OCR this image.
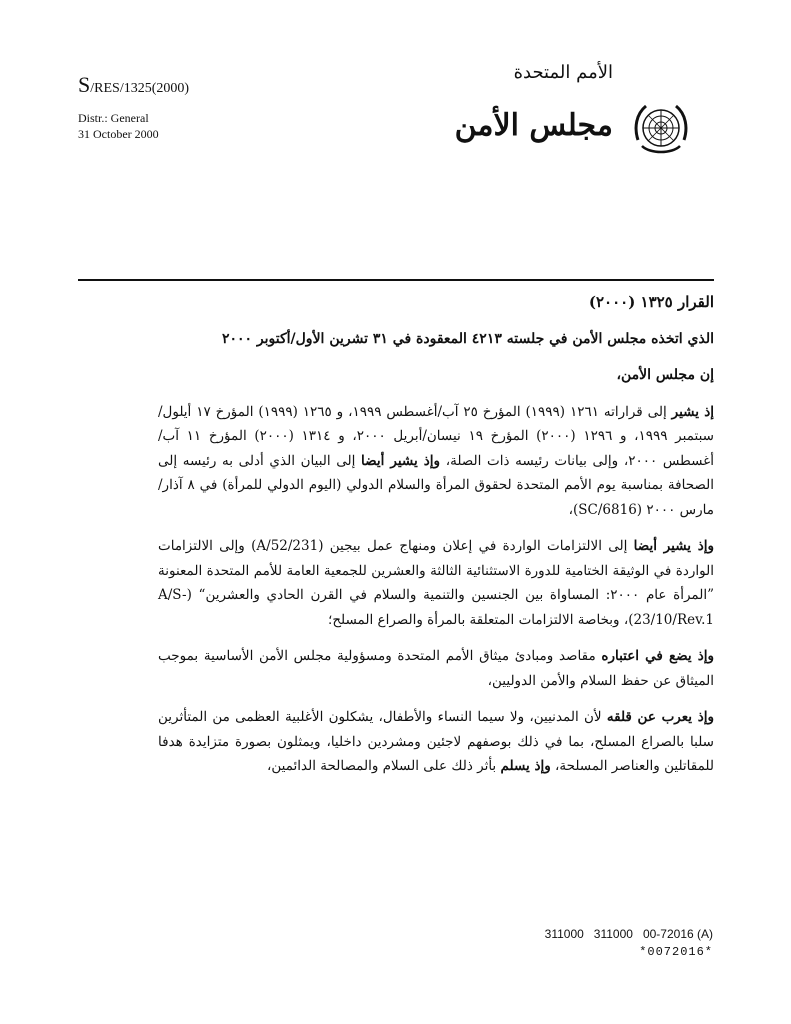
S/RES/1325(2000)
Distr.: General
31 October 2000
الأمم المتحدة
مجلس الأمن

القرار ١٣٢٥ (٢٠٠٠)

الذي اتخذه مجلس الأمن في جلسته ٤٢١٣ المعقودة في ٣١ تشرين الأول/أكتوبر ٢٠٠٠

إن مجلس الأمن،

إذ يشير إلى قراراته ١٢٦١ (١٩٩٩) المؤرخ ٢٥ آب/أغسطس ١٩٩٩، و ١٢٦٥ (١٩٩٩) المؤرخ ١٧ أيلول/سبتمبر ١٩٩٩، و ١٢٩٦ (٢٠٠٠) المؤرخ ١٩ نيسان/أبريل ٢٠٠٠، و ١٣١٤ (٢٠٠٠) المؤرخ ١١ آب/أغسطس ٢٠٠٠، وإلى بيانات رئيسه ذات الصلة، وإذ يشير أيضا إلى البيان الذي أدلى به رئيسه إلى الصحافة بمناسبة يوم الأمم المتحدة لحقوق المرأة والسلام الدولي (اليوم الدولي للمرأة) في ٨ آذار/مارس ٢٠٠٠ (SC/6816)،

وإذ يشير أيضا إلى الالتزامات الواردة في إعلان ومنهاج عمل بيجين (A/52/231) وإلى الالتزامات الواردة في الوثيقة الختامية للدورة الاستثنائية الثالثة والعشرين للجمعية العامة للأمم المتحدة المعنونة ”المرأة عام ٢٠٠٠: المساواة بين الجنسين والتنمية والسلام في القرن الحادي والعشرين“ (A/S-23/10/Rev.1)، وبخاصة الالتزامات المتعلقة بالمرأة والصراع المسلح؛

وإذ يضع في اعتباره مقاصد ومبادئ ميثاق الأمم المتحدة ومسؤولية مجلس الأمن الأساسية بموجب الميثاق عن حفظ السلام والأمن الدوليين،

وإذ يعرب عن قلقه لأن المدنيين، ولا سيما النساء والأطفال، يشكلون الأغلبية العظمى من المتأثرين سلبا بالصراع المسلح، بما في ذلك بوصفهم لاجئين ومشردين داخليا، ويمثلون بصورة متزايدة هدفا للمقاتلين والعناصر المسلحة، وإذ يسلم بأثر ذلك على السلام والمصالحة الدائمين،

311000   311000   00-72016 (A)
*0072016*
